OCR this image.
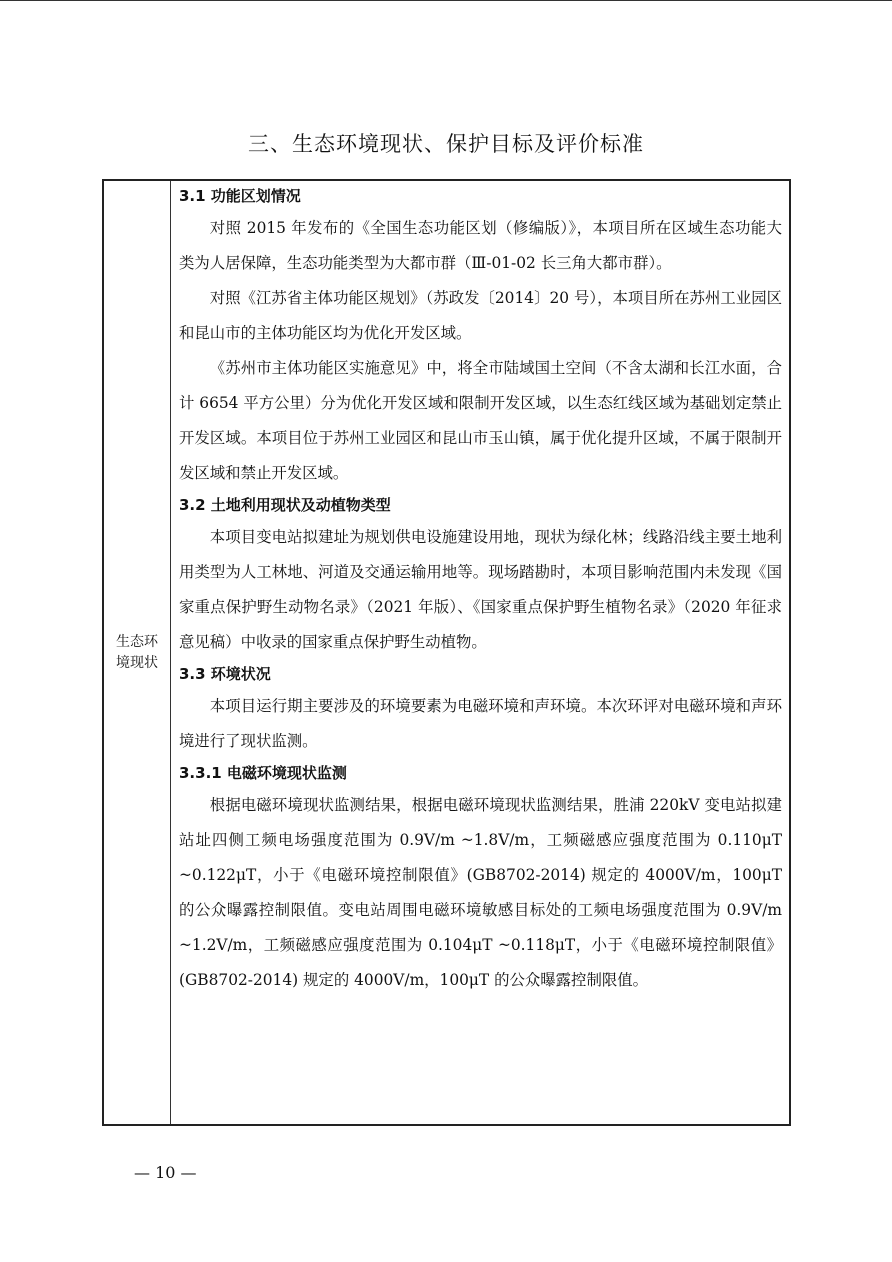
三、生态环境现状、保护目标及评价标准
生态环境现状

3.1 功能区划情况

对照 2015 年发布的《全国生态功能区划（修编版）》，本项目所在区域生态功能大类为人居保障，生态功能类型为大都市群（Ⅲ-01-02 长三角大都市群）。

对照《江苏省主体功能区规划》（苏政发〔2014〕20 号），本项目所在苏州工业园区和昆山市的主体功能区均为优化开发区域。

《苏州市主体功能区实施意见》中，将全市陆域国土空间（不含太湖和长江水面，合计 6654 平方公里）分为优化开发区域和限制开发区域，以生态红线区域为基础划定禁止开发区域。本项目位于苏州工业园区和昆山市玉山镇，属于优化提升区域，不属于限制开发区域和禁止开发区域。

3.2 土地利用现状及动植物类型

本项目变电站拟建址为规划供电设施建设用地，现状为绿化林；线路沿线主要土地利用类型为人工林地、河道及交通运输用地等。现场踏勘时，本项目影响范围内未发现《国家重点保护野生动物名录》（2021 年版）、《国家重点保护野生植物名录》（2020 年征求意见稿）中收录的国家重点保护野生动植物。

3.3 环境状况

本项目运行期主要涉及的环境要素为电磁环境和声环境。本次环评对电磁环境和声环境进行了现状监测。

3.3.1 电磁环境现状监测

根据电磁环境现状监测结果，根据电磁环境现状监测结果，胜浦 220kV 变电站拟建站址四侧工频电场强度范围为 0.9V/m ~1.8V/m，工频磁感应强度范围为 0.110μT ~0.122μT，小于《电磁环境控制限值》(GB8702-2014) 规定的 4000V/m，100μT 的公众曝露控制限值。变电站周围电磁环境敏感目标处的工频电场强度范围为 0.9V/m ~1.2V/m，工频磁感应强度范围为 0.104μT ~0.118μT，小于《电磁环境控制限值》(GB8702-2014) 规定的 4000V/m，100μT 的公众曝露控制限值。

— 10 —
